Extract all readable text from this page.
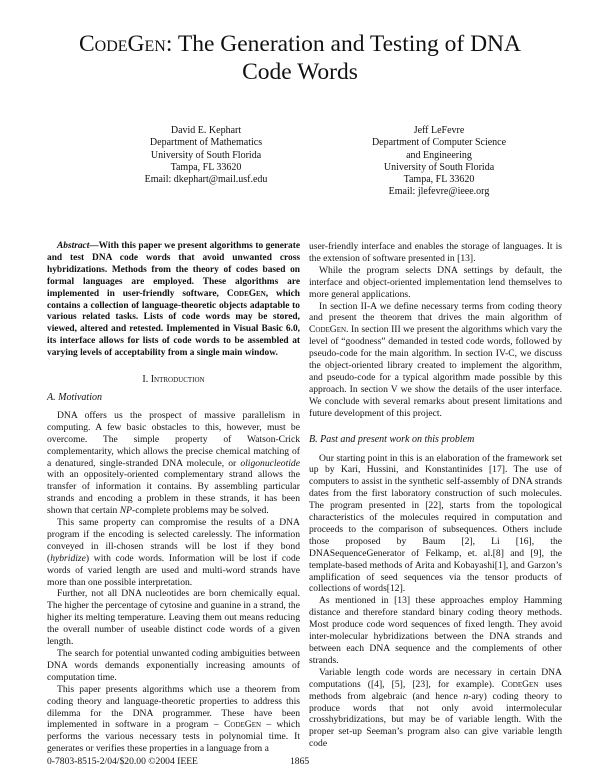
CodeGen: The Generation and Testing of DNA
Code Words
David E. Kephart
Department of Mathematics
University of South Florida
Tampa, FL 33620
Email: dkephart@mail.usf.edu
Jeff LeFevre
Department of Computer Science
and Engineering
University of South Florida
Tampa, FL 33620
Email: jlefevre@ieee.org

Abstract—With this paper we present algorithms to generate and test DNA code words that avoid unwanted cross hybridizations. Methods from the theory of codes based on formal languages are employed. These algorithms are implemented in user-friendly software, CodeGen, which contains a collection of language-theoretic objects adaptable to various related tasks. Lists of code words may be stored, viewed, altered and retested. Implemented in Visual Basic 6.0, its interface allows for lists of code words to be assembled at varying levels of acceptability from a single main window.

I. Introduction
A. Motivation

DNA offers us the prospect of massive parallelism in computing. A few basic obstacles to this, however, must be overcome. The simple property of Watson-Crick complementarity, which allows the precise chemical matching of a denatured, single-stranded DNA molecule, or oligonucleotide with an oppositely-oriented complementary strand allows the transfer of information it contains. By assembling particular strands and encoding a problem in these strands, it has been shown that certain NP-complete problems may be solved.

This same property can compromise the results of a DNA program if the encoding is selected carelessly. The information conveyed in ill-chosen strands will be lost if they bond (hybridize) with code words. Information will be lost if code words of varied length are used and multi-word strands have more than one possible interpretation.

Further, not all DNA nucleotides are born chemically equal. The higher the percentage of cytosine and guanine in a strand, the higher its melting temperature. Leaving them out means reducing the overall number of useable distinct code words of a given length.

The search for potential unwanted coding ambiguities between DNA words demands exponentially increasing amounts of computation time.

This paper presents algorithms which use a theorem from coding theory and language-theoretic properties to address this dilemma for the DNA programmer. These have been implemented in software in a program – CodeGen – which performs the various necessary tests in polynomial time. It generates or verifies these properties in a language from a

user-friendly interface and enables the storage of languages. It is the extension of software presented in [13].

While the program selects DNA settings by default, the interface and object-oriented implementation lend themselves to more general applications.

In section II-A we define necessary terms from coding theory and present the theorem that drives the main algorithm of CodeGen. In section III we present the algorithms which vary the level of “goodness” demanded in tested code words, followed by pseudo-code for the main algorithm. In section IV-C, we discuss the object-oriented library created to implement the algorithm, and pseudo-code for a typical algorithm made possible by this approach. In section V we show the details of the user interface. We conclude with several remarks about present limitations and future development of this project.

B. Past and present work on this problem

Our starting point in this is an elaboration of the framework set up by Kari, Hussini, and Konstantinides [17]. The use of computers to assist in the synthetic self-assembly of DNA strands dates from the first laboratory construction of such molecules. The program presented in [22], starts from the topological characteristics of the molecules required in computation and proceeds to the comparison of subsequences. Others include those proposed by Baum [2], Li [16], the DNASequenceGenerator of Felkamp, et. al.[8] and [9], the template-based methods of Arita and Kobayashi[1], and Garzon’s amplification of seed sequences via the tensor products of collections of words[12].

As mentioned in [13] these approaches employ Hamming distance and therefore standard binary coding theory methods. Most produce code word sequences of fixed length. They avoid inter-molecular hybridizations between the DNA strands and between each DNA sequence and the complements of other strands.

Variable length code words are necessary in certain DNA computations ([4], [5], [23], for example). CodeGen uses methods from algebraic (and hence n-ary) coding theory to produce words that not only avoid intermolecular crosshybridizations, but may be of variable length. With the proper set-up Seeman’s program also can give variable length code

0-7803-8515-2/04/$20.00 ©2004 IEEE	1865
